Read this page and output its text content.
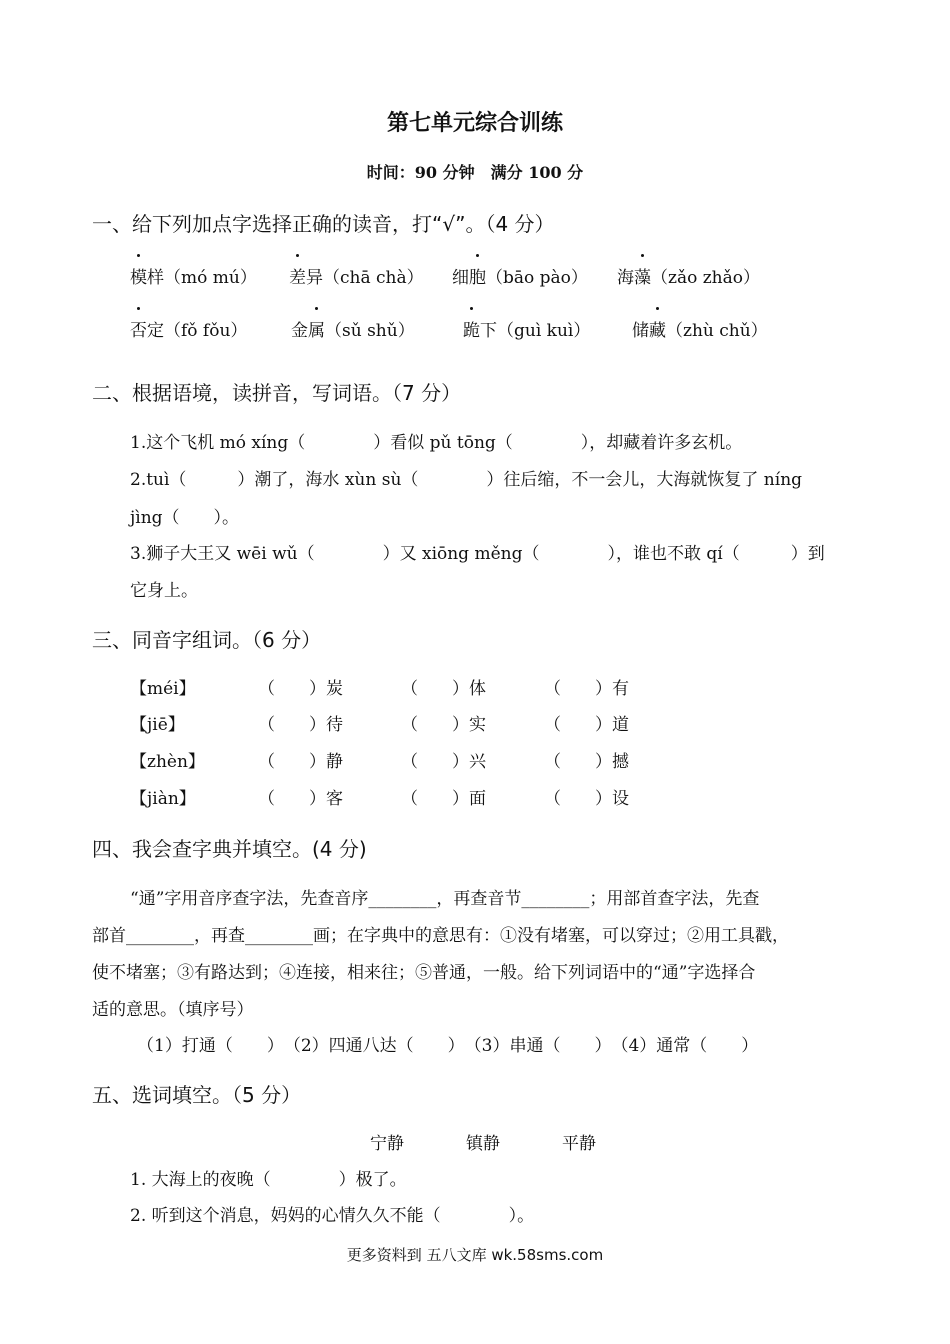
第七单元综合训练
时间：90 分钟　满分 100 分
一、给下列加点字选择正确的读音，打“√”。（4 分）
模样（mó mú） 差异（chā chà） 细胞（bāo pào） 海藻（zǎo zhǎo）
否定（fǒ fǒu）	金属（sǔ shǔ）	跪下（guì kuì） 储藏（zhù chǔ）
二、根据语境，读拼音，写词语。（7 分）
1.这个飞机 mó xíng（　　　　）看似 pǔ tōng（　　　　），却藏着许多玄机。
2.tuì（　　　）潮了，海水 xùn sù（　　　　）往后缩，不一会儿，大海就恢复了 níng
jìng（　　）。
3.狮子大王又 wēi wǔ（　　　　）又 xiōng měng（　　　　），谁也不敢 qí（　　　）到
它身上。
三、同音字组词。（6 分）
【méi】	（　　）炭	（　　）体	（　　）有
【jiē】	（　　）待	（　　）实	（　　）道
【zhèn】	（　　）静	（　　）兴	（　　）撼
【jiàn】	（　　）客	（　　）面	（　　）设
四、我会查字典并填空。(4 分)
“通”字用音序查字法，先查音序________，再查音节________；用部首查字法，先查
部首________，再查________画；在字典中的意思有：①没有堵塞，可以穿过；②用工具戳，
使不堵塞；③有路达到；④连接，相来往；⑤普通，一般。给下列词语中的“通”字选择合
适的意思。（填序号）
（1）打通（　　）　（2）四通八达（　　）　（3）串通（　　）　（4）通常（　　）
五、选词填空。（5 分）
宁静	镇静	平静
1. 大海上的夜晚（　　　　）极了。
2. 听到这个消息，妈妈的心情久久不能（　　　　）。
更多资料到 五八文库 wk.58sms.com
